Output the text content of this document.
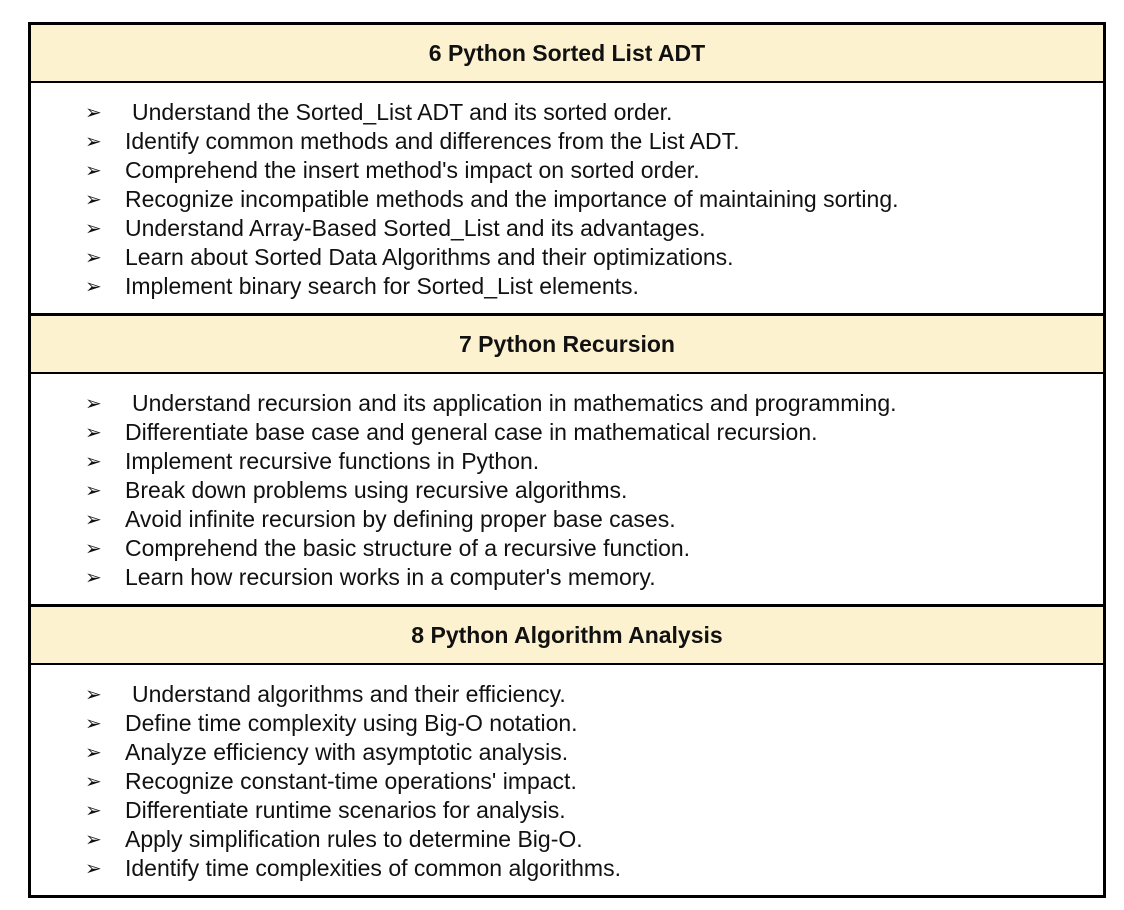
6 Python Sorted List ADT
➢	Understand the Sorted_List ADT and its sorted order.
➢	Identify common methods and differences from the List ADT.
➢	Comprehend the insert method's impact on sorted order.
➢	Recognize incompatible methods and the importance of maintaining sorting.
➢	Understand Array-Based Sorted_List and its advantages.
➢	Learn about Sorted Data Algorithms and their optimizations.
➢	Implement binary search for Sorted_List elements.
7 Python Recursion
➢	Understand recursion and its application in mathematics and programming.
➢	Differentiate base case and general case in mathematical recursion.
➢	Implement recursive functions in Python.
➢	Break down problems using recursive algorithms.
➢	Avoid infinite recursion by defining proper base cases.
➢	Comprehend the basic structure of a recursive function.
➢	Learn how recursion works in a computer's memory.
8 Python Algorithm Analysis
➢	Understand algorithms and their efficiency.
➢	Define time complexity using Big-O notation.
➢	Analyze efficiency with asymptotic analysis.
➢	Recognize constant-time operations' impact.
➢	Differentiate runtime scenarios for analysis.
➢	Apply simplification rules to determine Big-O.
➢	Identify time complexities of common algorithms.
